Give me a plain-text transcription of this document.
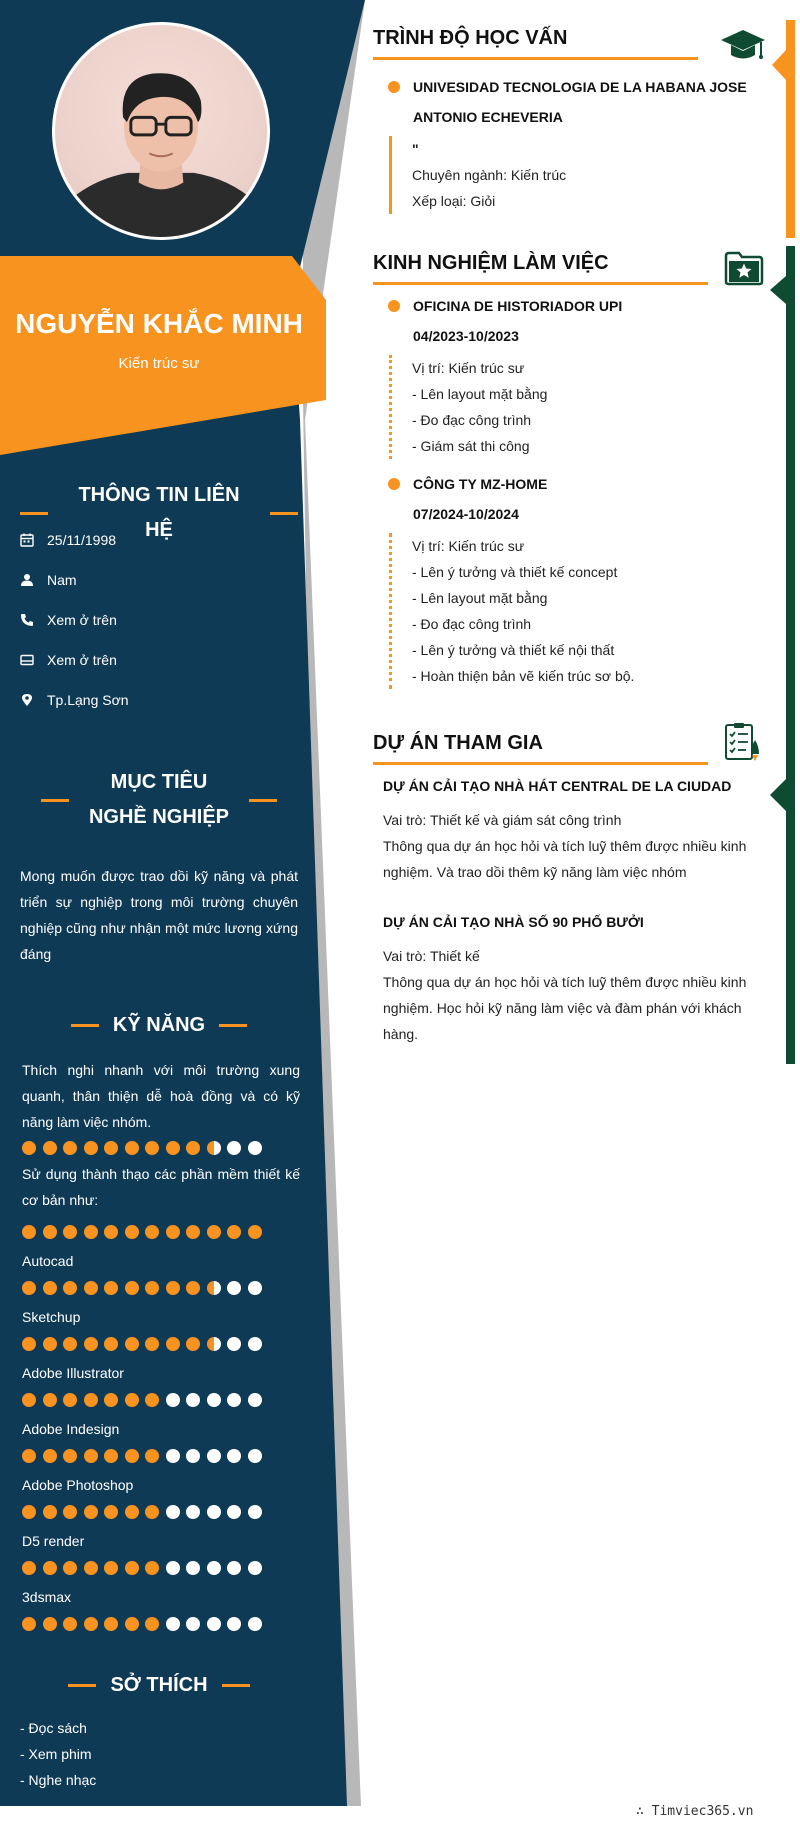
NGUYỄN KHẮC MINH
Kiến trúc sư
THÔNG TIN LIÊN HỆ
25/11/1998
Nam
Xem ở trên
Xem ở trên
Tp.Lạng Sơn
MỤC TIÊU NGHỀ NGHIỆP
Mong muốn được trao dồi kỹ năng và phát triển sự nghiệp trong môi trường chuyên nghiệp cũng như nhận một mức lương xứng đáng
KỸ NĂNG
Thích nghi nhanh với môi trường xung quanh, thân thiện dễ hoà đồng và có kỹ năng làm việc nhóm.
Sử dụng thành thạo các phần mềm thiết kế cơ bản như:
Autocad
Sketchup
Adobe Illustrator
Adobe Indesign
Adobe Photoshop
D5 render
3dsmax
SỞ THÍCH
- Đọc sách
- Xem phim
- Nghe nhạc
TRÌNH ĐỘ HỌC VẤN
UNIVESIDAD TECNOLOGIA DE LA HABANA JOSE
ANTONIO ECHEVERIA
"
Chuyên ngành: Kiến trúc
Xếp loại: Giỏi
KINH NGHIỆM LÀM VIỆC
OFICINA DE HISTORIADOR UPI
04/2023-10/2023
Vị trí: Kiến trúc sư
- Lên layout mặt bằng
- Đo đạc công trình
- Giám sát thi công
CÔNG TY MZ-HOME
07/2024-10/2024
Vị trí: Kiến trúc sư
- Lên ý tưởng và thiết kế concept
- Lên layout mặt bằng
- Đo đạc công trình
- Lên ý tưởng và thiết kế nội thất
- Hoàn thiện bản vẽ kiến trúc sơ bộ.
DỰ ÁN THAM GIA
DỰ ÁN CẢI TẠO NHÀ HÁT CENTRAL DE LA CIUDAD
Vai trò: Thiết kế và giám sát công trình
Thông qua dự án học hỏi và tích luỹ thêm được nhiều kinh nghiệm. Và trao dồi thêm kỹ năng làm việc nhóm
DỰ ÁN CẢI TẠO NHÀ SỐ 90 PHỐ BƯỞI
Vai trò: Thiết kế
Thông qua dự án học hỏi và tích luỹ thêm được nhiều kinh nghiệm. Học hỏi kỹ năng làm việc và đàm phán với khách hàng.
∴ Timviec365.vn
